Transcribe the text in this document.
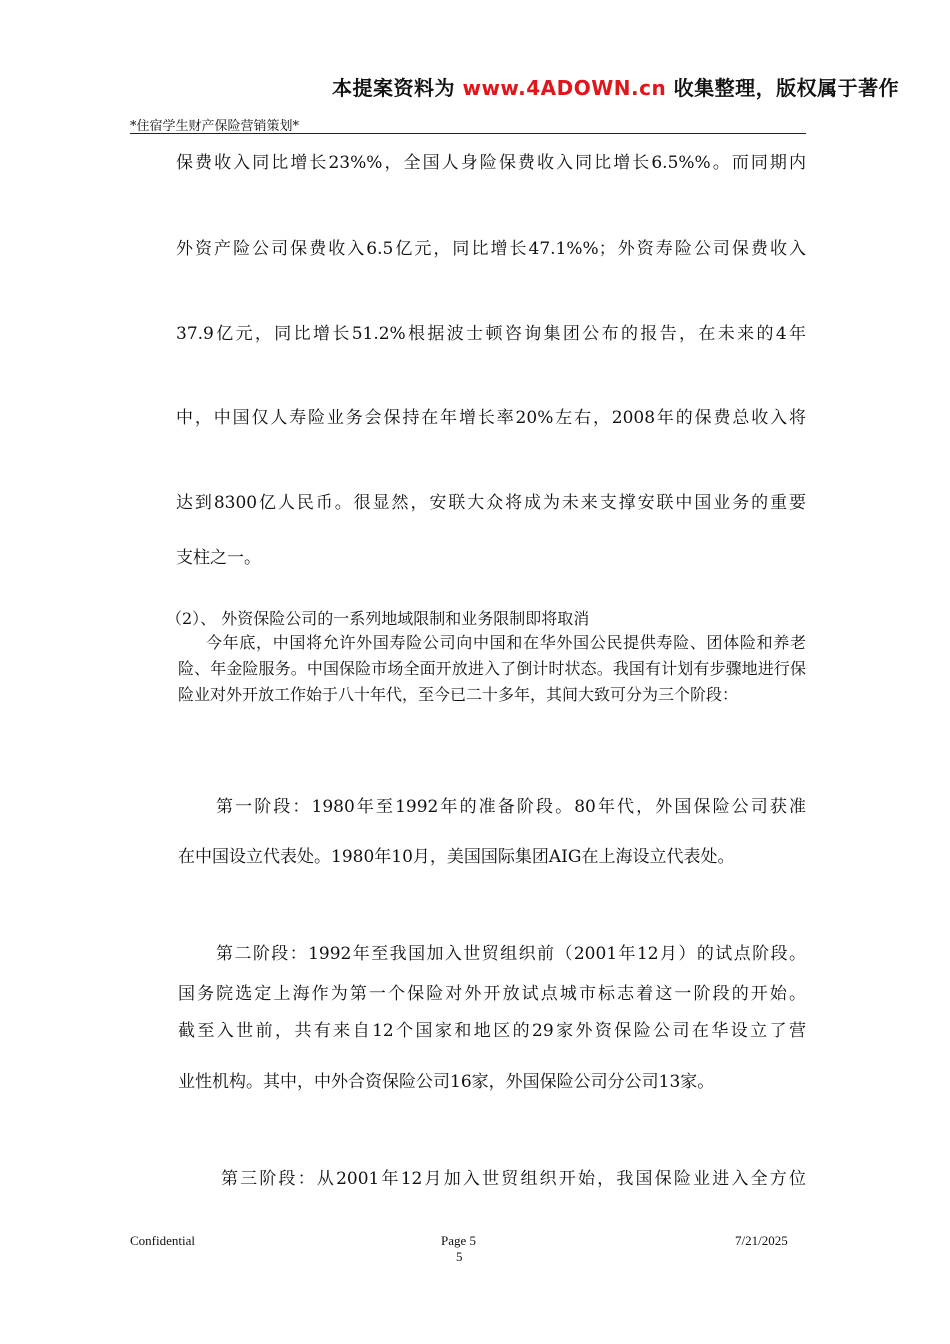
本提案资料为 www.4ADOWN.cn 收集整理，版权属于著作
*住宿学生财产保险营销策划*
保费收入同比增长23%%，全国人身险保费收入同比增长6.5%%。而同期内
外资产险公司保费收入6.5亿元，同比增长47.1%%；外资寿险公司保费收入
37.9亿元，同比增长51.2%根据波士顿咨询集团公布的报告，在未来的4年
中，中国仅人寿险业务会保持在年增长率20%左右，2008年的保费总收入将
达到8300亿人民币。很显然，安联大众将成为未来支撑安联中国业务的重要
支柱之一。
（2）、 外资保险公司的一系列地域限制和业务限制即将取消
今年底，中国将允许外国寿险公司向中国和在华外国公民提供寿险、团体险和养老险、年金险服务。中国保险市场全面开放进入了倒计时状态。我国有计划有步骤地进行保险业对外开放工作始于八十年代，至今已二十多年，其间大致可分为三个阶段：
第一阶段：1980年至1992年的准备阶段。80年代，外国保险公司获准
在中国设立代表处。1980年10月，美国国际集团AIG在上海设立代表处。
第二阶段：1992年至我国加入世贸组织前（2001年12月）的试点阶段。
国务院选定上海作为第一个保险对外开放试点城市标志着这一阶段的开始。
截至入世前，共有来自12个国家和地区的29家外资保险公司在华设立了营
业性机构。其中，中外合资保险公司16家，外国保险公司分公司13家。
第三阶段：从2001年12月加入世贸组织开始，我国保险业进入全方位
Confidential	Page 5
5
7/21/2025
